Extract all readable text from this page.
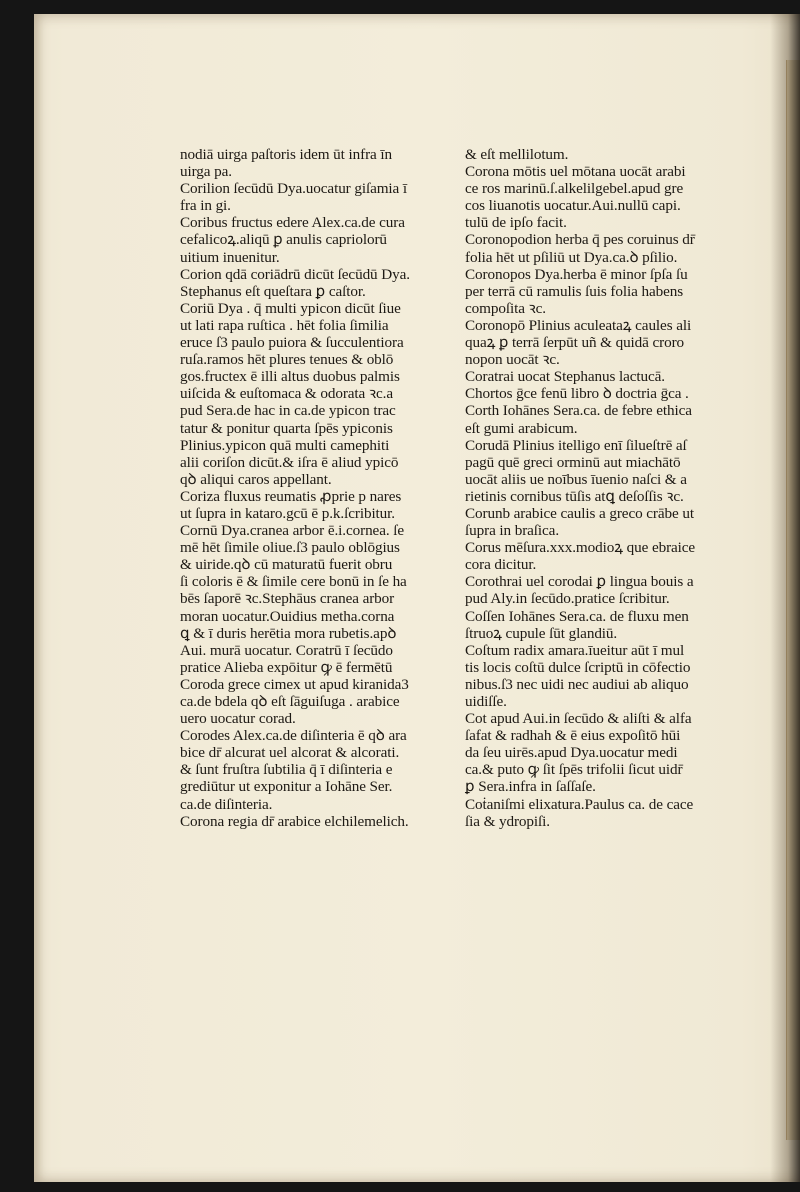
nodiā uirga paſtoris idem ūt infra īn
uirga pa.

Corilion ſecūdū Dya.uocatur giſamia ī
fra in gi.

Coribus fructus edere Alex.ca.de cura
cefalicoꝝ.aliqū ꝑ anulis capriolorū
uitium inuenitur.

Corion qdā coriādrū dicūt ſecūdū Dya.
Stephanus eſt queſtara ꝑ caſtor.

Coriū Dya . q̄ multi ypicon dicūt ſiue
ut lati rapa ruſtica . hēt folia ſimilia
eruce ſ3 paulo puiora & ſucculentiora
ruſa.ramos hēt plures tenues & oblō
gos.fructex ē illi altus duobus palmis
uiſcida & euſtomaca & odorata ꝛc.a
pud Sera.de hac in ca.de ypicon trac
tatur & ponitur quarta ſpēs ypiconis
Plinius.ypicon quā multi camephiti
alii coriſon dicūt.& iſra ē aliud ypicō
qꝺ aliqui caros appellant.

Coriza fluxus reumatis ꝓprie p nares
ut ſupra in kataro.gcū ē p.k.ſcribitur.

Cornū Dya.cranea arbor ē.i.cornea. ſe
mē hēt ſimile oliue.ſ3 paulo oblōgius
& uiride.qꝺ cū maturatū fuerit obru
ſi coloris ē & ſimile cere bonū in ſe ha
bēs ſaporē ꝛc.Stephāus cranea arbor
moran uocatur.Ouidius metha.corna
ꝗ & ī duris herētia mora rubetis.apꝺ
Aui. murā uocatur. Coratrū ī ſecūdo
pratice Alieba expōitur ꝙ ē fermētū

Coroda grece cimex ut apud kiranida3
ca.de bdela qꝺ eſt ſāguiſuga . arabice
uero uocatur corad.

Corodes Alex.ca.de diſinteria ē qꝺ ara
bice dr̄ alcurat uel alcorat & alcorati.
& ſunt fruſtra ſubtilia q̄ ī diſinteria e
grediūtur ut exponitur a Iohāne Ser.
ca.de diſinteria.

Corona regia dr̄ arabice elchilemelich.

& eſt mellilotum.

Corona mōtis uel mōtana uocāt arabi
ce ros marinū.ſ.alkelilgebel.apud gre
cos liuanotis uocatur.Aui.nullū capi.
tulū de ipſo facit.

Coronopodion herba q̄ pes coruinus dr̄
folia hēt ut pſiliū ut Dya.ca.ꝺ pſilio.

Coronopos Dya.herba ē minor ſpſa ſu
per terrā cū ramulis ſuis folia habens
compoſita ꝛc.

Coronopō Plinius aculeataꝝ caules ali
quaꝝ ꝑ terrā ſerpūt uñ & quidā croro
nopon uocāt ꝛc.

Coratrai uocat Stephanus lactucā.

Chortos ḡce fenū libro ꝺ doctria ḡca .

Corth Iohānes Sera.ca. de febre ethica
eſt gumi arabicum.

Corudā Plinius itelligo enī ſilueſtrē aſ
pagū quē greci orminū aut miachātō
uocāt aliis ue noībus īuenio naſci & a
rietinis cornibus tūſis atꝗ deſoſſis ꝛc.

Corunb arabice caulis a greco crābe ut
ſupra in braſica.

Corus mēſura.xxx.modioꝝ que ebraice
cora dicitur.

Corothrai uel corodai ꝑ lingua bouis a
pud Aly.in ſecūdo.pratice ſcribitur.

Coſſen Iohānes Sera.ca. de fluxu men
ſtruoꝝ cupule ſūt glandiū.

Coſtum radix amara.īueitur aūt ī mul
tis locis coſtū dulce ſcriptū in cōfectio
nibus.ſ3 nec uidi nec audiui ab aliquo
uidiſſe.

Cot apud Aui.in ſecūdo & aliſti & alfa
ſafat & radhah & ē eius expoſitō hūi
da ſeu uirēs.apud Dya.uocatur medi
ca.& puto ꝙ ſit ſpēs trifolii ſicut uidr̄
ꝑ Sera.infra in ſaſſaſe.

Coṫaniſmi elixatura.Paulus ca. de cace
ſia & ydropiſi.
